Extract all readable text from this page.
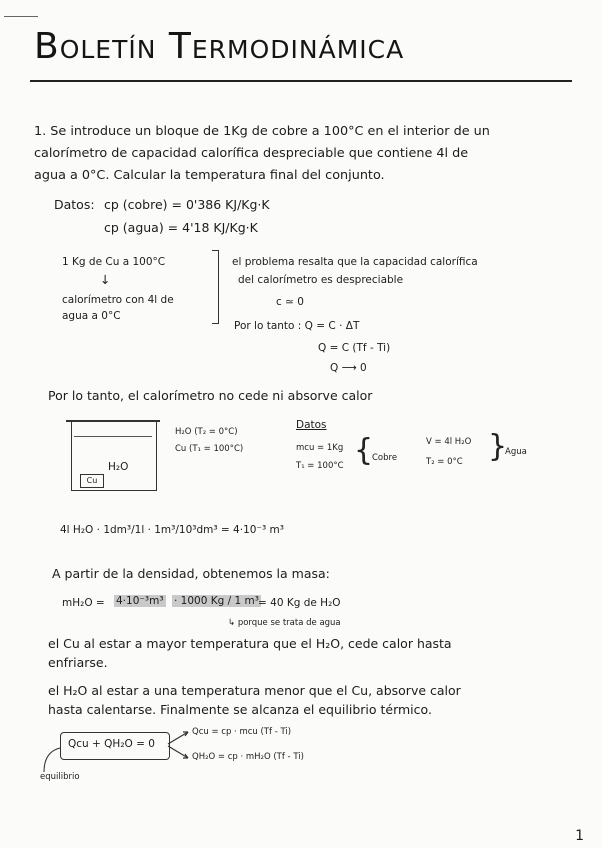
Boletín Termodinámica
1. Se introduce un bloque de 1Kg de cobre a 100°C en el interior de un
calorímetro de capacidad calorífica despreciable que contiene 4l de
agua a 0°C. Calcular la temperatura final del conjunto.
Datos: cp (cobre) = 0'386 KJ/Kg·K
cp (agua) = 4'18 KJ/Kg·K
1 Kg de Cu a 100°C
↓
calorímetro con 4l de
agua a 0°C
el problema resalta que la capacidad calorífica
del calorímetro es despreciable
c ≃ 0
Por lo tanto : Q = C · ΔT
Q = C (Tf - Ti)
Q ⟶ 0
Por lo tanto, el calorímetro no cede ni absorve calor
H₂O
Cu
H₂O (T₂ = 0°C)
Cu (T₁ = 100°C)
Datos
mcu = 1Kg
T₁ = 100°C {
Cobre
V = 4l H₂O
T₂ = 0°C }
Agua
4l H₂O · 1dm³/1l · 1m³/10³dm³ = 4·10⁻³ m³
A partir de la densidad, obtenemos la masa:
mH₂O = 4·10⁻³m³ · 1000 Kg / 1 m³ = 40 Kg de H₂O
↳ porque se trata de agua
el Cu al estar a mayor temperatura que el H₂O, cede calor hasta
enfriarse.
el H₂O al estar a una temperatura menor que el Cu, absorve calor
hasta calentarse. Finalmente se alcanza el equilibrio térmico.
Qcu + QH₂O = 0
Qcu = cp · mcu (Tf - Ti)
QH₂O = cp · mH₂O (Tf - Ti)
equilibrio
1
